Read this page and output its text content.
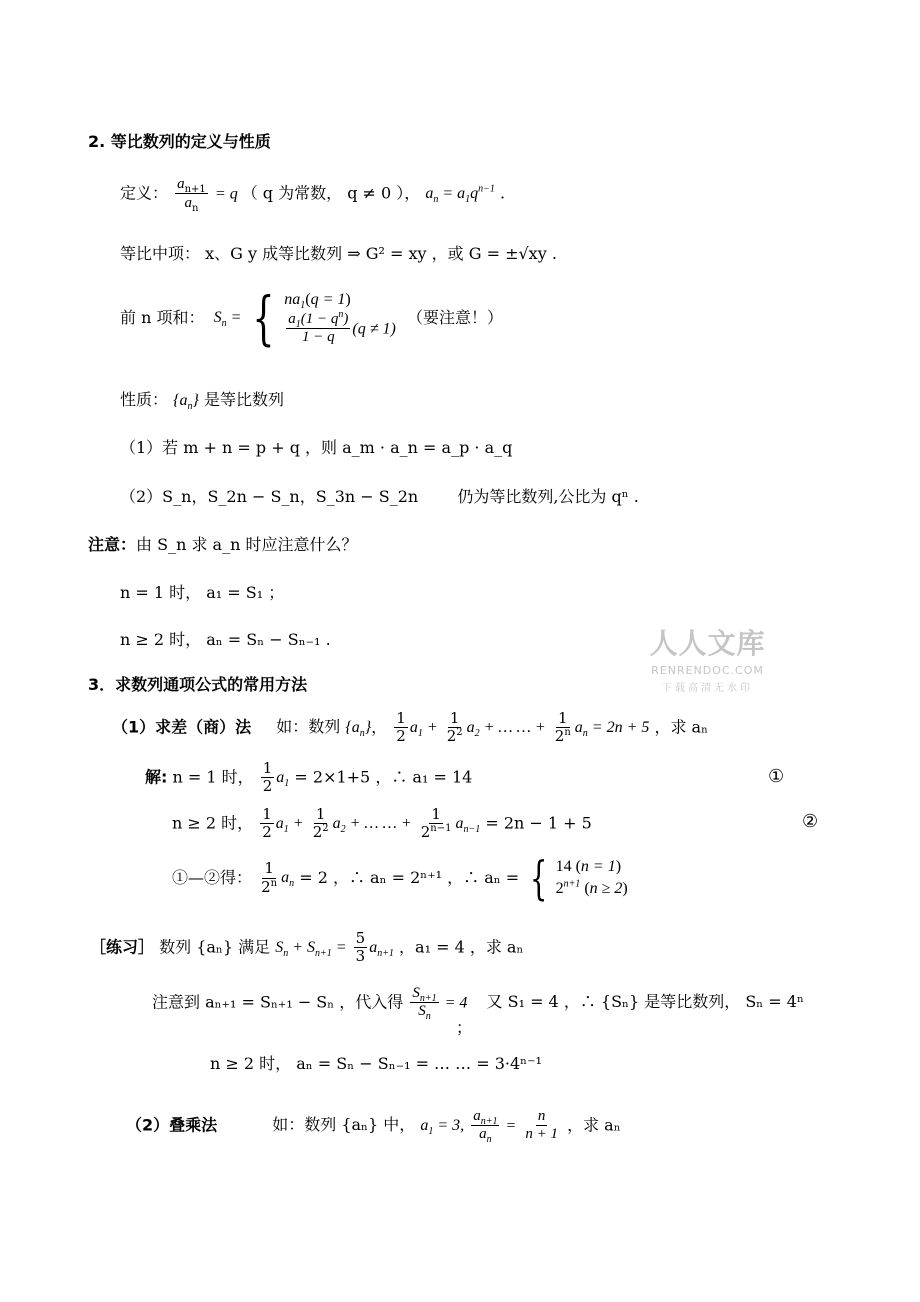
2. 等比数列的定义与性质
定义： $\frac{a_{n+1}}{a_n} = q$ （ q 为常数， q ≠ 0 ）， $a_n = a_1q^{n-1}$ .
等比中项： x、G y 成等比数列 ⇒ G² = xy ，或 G = ±√xy .
前 n 项和：  $S_n$ = { $na_1(q = 1)$
$\frac{a_1(1 - q^n)}{1 - q} (q \ne 1)$
（要注意！）
性质： $\{a_n\}$ 是等比数列
（1）若 m + n = p + q ，则 a_m · a_n = a_p · a_q
（2）S_n，S_2n − S_n，S_3n − S_2n 仍为等比数列,公比为 qⁿ .
注意：由 S_n 求 a_n 时应注意什么？
n = 1 时， a₁ = S₁ ；
n ≥ 2 时， aₙ = Sₙ − Sₙ₋₁ .	人人文库
RENRENDOC.COM
下载高清无水印
3．求数列通项公式的常用方法
（1）求差（商）法 如：数列 $\{a_n\}$， $\frac{1}{2} a_1 + \frac{1}{2^2} a_2$ + … … + $\frac{1}{2^n} a_n = 2n + 5$ ，求 aₙ
解: n = 1 时， $\frac{1}{2} a_1 = 2\times 1+5$ ，∴ a₁ = 14	①
n ≥ 2 时， $\frac{1}{2} a_1 + \frac{1}{2^2} a_2$ + … … + $\frac{1}{2^{n-1}} a_{n-1} = 2n - 1 + 5$	②
①—②得： $\frac{1}{2^n} a_n = 2$ ，∴ aₙ = 2ⁿ⁺¹ ，∴ aₙ = { 14 (n = 1)
$2^{n+1}$ (n ≥ 2)
［练习］ 数列 {aₙ} 满足 $S_n + S_{n+1} = \frac{5}{3} a_{n+1}$ ，a₁ = 4 ，求 aₙ
注意到 aₙ₊₁ = Sₙ₊₁ − Sₙ ，代入得 $\frac{S_{n+1}}{S_n} = 4$ 又 S₁ = 4 ，∴ {Sₙ} 是等比数列， Sₙ = 4ⁿ
；
n ≥ 2 时， aₙ = Sₙ − Sₙ₋₁ = … … = 3·4ⁿ⁻¹
（2）叠乘法	如：数列 {aₙ} 中， $a_1 = 3$, $\frac{a_{n+1}}{a_n} = \frac{n}{n + 1}$ ，求 aₙ
